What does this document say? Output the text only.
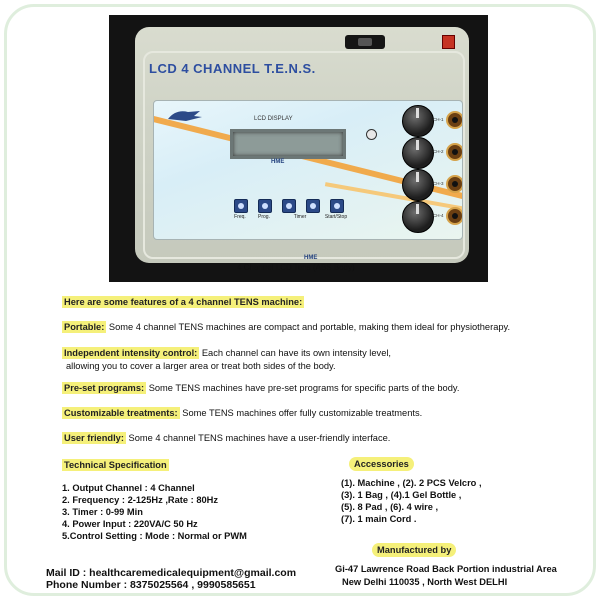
LCD 4 CHANNEL T.E.N.S.
LCD DISPLAY
HME
Freq.	Prog.	Timer	Start/Stop
CH-1
CH-2
CH-3
CH-4
HME
4 Channel LCD Tens (ABS Body)
Here are some features of a 4 channel TENS machine:
Portable: Some 4 channel TENS machines are compact and portable, making them ideal for physiotherapy.
Independent intensity control: Each channel can have its own intensity level,
allowing you to cover a larger area or treat both sides of the body.
Pre-set programs: Some TENS machines have pre-set programs for specific parts of the body.
Customizable treatments: Some TENS machines offer fully customizable treatments.
User friendly: Some 4 channel TENS machines have a user-friendly interface.
Technical Specification
1. Output Channel : 4 Channel
2. Frequency : 2-125Hz ,Rate : 80Hz
3. Timer : 0-99 Min
4. Power Input : 220VA/C 50 Hz
5.Control Setting : Mode : Normal or PWM
Accessories
(1). Machine , (2). 2 PCS Velcro ,
(3). 1 Bag , (4).1 Gel Bottle ,
(5). 8 Pad , (6). 4 wire ,
(7). 1 main Cord .
Manufactured by
Gi-47 Lawrence Road Back Portion industrial Area
New Delhi 110035 , North West DELHI
Mail ID : healthcaremedicalequipment@gmail.com
Phone Number : 8375025564 , 9990585651
